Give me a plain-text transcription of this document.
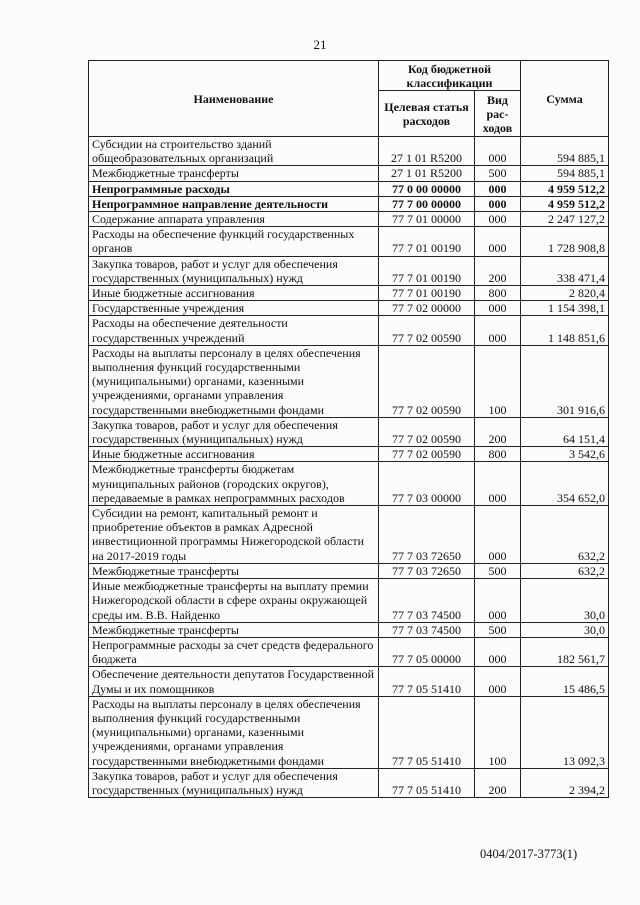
21
Наименование	Код бюджетной классификации		Сумма
	Целевая статья расходов	Вид рас-ходов	
Субсидии на строительство зданий общеобразовательных организаций	27 1 01 R5200	000	594 885,1
Межбюджетные трансферты	27 1 01 R5200	500	594 885,1
Непрограммные расходы	77 0 00 00000	000	4 959 512,2
Непрограммное направление деятельности	77 7 00 00000	000	4 959 512,2
Содержание аппарата управления	77 7 01 00000	000	2 247 127,2
Расходы на обеспечение функций государственных органов	77 7 01 00190	000	1 728 908,8
Закупка товаров, работ и услуг для обеспечения государственных (муниципальных) нужд	77 7 01 00190	200	338 471,4
Иные бюджетные ассигнования	77 7 01 00190	800	2 820,4
Государственные учреждения	77 7 02 00000	000	1 154 398,1
Расходы на обеспечение деятельности государственных учреждений	77 7 02 00590	000	1 148 851,6
Расходы на выплаты персоналу в целях обеспечения выполнения функций государственными (муниципальными) органами, казенными учреждениями, органами управления государственными внебюджетными фондами	77 7 02 00590	100	301 916,6
Закупка товаров, работ и услуг для обеспечения государственных (муниципальных) нужд	77 7 02 00590	200	64 151,4
Иные бюджетные ассигнования	77 7 02 00590	800	3 542,6
Межбюджетные трансферты бюджетам муниципальных районов (городских округов), передаваемые в рамках непрограммных расходов	77 7 03 00000	000	354 652,0
Субсидии на ремонт, капитальный ремонт и приобретение объектов в рамках Адресной инвестиционной программы Нижегородской области на 2017-2019 годы	77 7 03 72650	000	632,2
Межбюджетные трансферты	77 7 03 72650	500	632,2
Иные межбюджетные трансферты на выплату премии Нижегородской области в сфере охраны окружающей среды им. В.В. Найденко	77 7 03 74500	000	30,0
Межбюджетные трансферты	77 7 03 74500	500	30,0
Непрограммные расходы за счет средств федерального бюджета	77 7 05 00000	000	182 561,7
Обеспечение деятельности депутатов Государственной Думы и их помощников	77 7 05 51410	000	15 486,5
Расходы на выплаты персоналу в целях обеспечения выполнения функций государственными (муниципальными) органами, казенными учреждениями, органами управления государственными внебюджетными фондами	77 7 05 51410	100	13 092,3
Закупка товаров, работ и услуг для обеспечения государственных (муниципальных) нужд	77 7 05 51410	200	2 394,2
0404/2017-3773(1)
